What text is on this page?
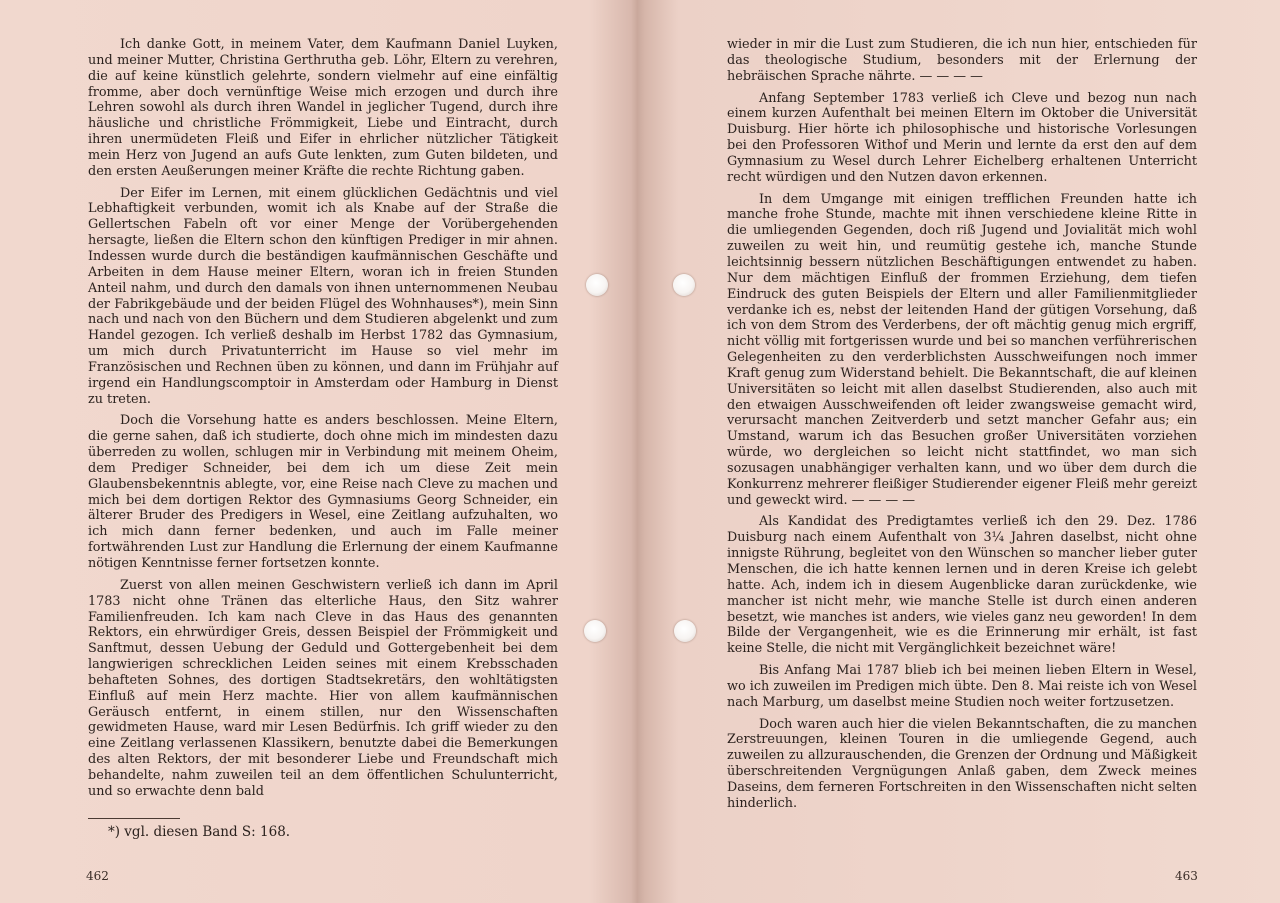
Ich danke Gott, in meinem Vater, dem Kaufmann Daniel Luyken, und meiner Mutter, Christina Gerthrutha geb. Löhr, Eltern zu verehren, die auf keine künstlich gelehrte, sondern vielmehr auf eine einfältig fromme, aber doch vernünftige Weise mich erzogen und durch ihre Lehren sowohl als durch ihren Wandel in jeglicher Tugend, durch ihre häusliche und christliche Frömmigkeit, Liebe und Eintracht, durch ihren unermüdeten Fleiß und Eifer in ehrlicher nützlicher Tätigkeit mein Herz von Jugend an aufs Gute lenkten, zum Guten bildeten, und den ersten Aeußerungen meiner Kräfte die rechte Richtung gaben.

Der Eifer im Lernen, mit einem glücklichen Gedächtnis und viel Lebhaftigkeit verbunden, womit ich als Knabe auf der Straße die Gellertschen Fabeln oft vor einer Menge der Vorübergehenden hersagte, ließen die Eltern schon den künftigen Prediger in mir ahnen. Indessen wurde durch die beständigen kaufmännischen Geschäfte und Arbeiten in dem Hause meiner Eltern, woran ich in freien Stunden Anteil nahm, und durch den damals von ihnen unternommenen Neubau der Fabrikgebäude und der beiden Flügel des Wohnhauses*), mein Sinn nach und nach von den Büchern und dem Studieren abgelenkt und zum Handel gezogen. Ich verließ deshalb im Herbst 1782 das Gymnasium, um mich durch Privatunterricht im Hause so viel mehr im Französischen und Rechnen üben zu können, und dann im Frühjahr auf irgend ein Handlungscomptoir in Amsterdam oder Hamburg in Dienst zu treten.

Doch die Vorsehung hatte es anders beschlossen. Meine Eltern, die gerne sahen, daß ich studierte, doch ohne mich im mindesten dazu überreden zu wollen, schlugen mir in Verbindung mit meinem Oheim, dem Prediger Schneider, bei dem ich um diese Zeit mein Glaubensbekenntnis ablegte, vor, eine Reise nach Cleve zu machen und mich bei dem dortigen Rektor des Gymnasiums Georg Schneider, ein älterer Bruder des Predigers in Wesel, eine Zeitlang aufzuhalten, wo ich mich dann ferner bedenken, und auch im Falle meiner fortwährenden Lust zur Handlung die Erlernung der einem Kaufmanne nötigen Kenntnisse ferner fortsetzen konnte.

Zuerst von allen meinen Geschwistern verließ ich dann im April 1783 nicht ohne Tränen das elterliche Haus, den Sitz wahrer Familienfreuden. Ich kam nach Cleve in das Haus des genannten Rektors, ein ehrwürdiger Greis, dessen Beispiel der Frömmigkeit und Sanftmut, dessen Uebung der Geduld und Gottergebenheit bei dem langwierigen schrecklichen Leiden seines mit einem Krebsschaden behafteten Sohnes, des dortigen Stadtsekretärs, den wohltätigsten Einfluß auf mein Herz machte. Hier von allem kaufmännischen Geräusch entfernt, in einem stillen, nur den Wissenschaften gewidmeten Hause, ward mir Lesen Bedürfnis. Ich griff wieder zu den eine Zeitlang verlassenen Klassikern, benutzte dabei die Bemerkungen des alten Rektors, der mit besonderer Liebe und Freundschaft mich behandelte, nahm zuweilen teil an dem öffentlichen Schulunterricht, und so erwachte denn bald

*) vgl. diesen Band S: 168.
462

wieder in mir die Lust zum Studieren, die ich nun hier, entschieden für das theologische Studium, besonders mit der Erlernung der hebräischen Sprache nährte. — — — —

Anfang September 1783 verließ ich Cleve und bezog nun nach einem kurzen Aufenthalt bei meinen Eltern im Oktober die Universität Duisburg. Hier hörte ich philosophische und historische Vorlesungen bei den Professoren Withof und Merin und lernte da erst den auf dem Gymnasium zu Wesel durch Lehrer Eichelberg erhaltenen Unterricht recht würdigen und den Nutzen davon erkennen.

In dem Umgange mit einigen trefflichen Freunden hatte ich manche frohe Stunde, machte mit ihnen verschiedene kleine Ritte in die umliegenden Gegenden, doch riß Jugend und Jovialität mich wohl zuweilen zu weit hin, und reumütig gestehe ich, manche Stunde leichtsinnig bessern nützlichen Beschäftigungen entwendet zu haben. Nur dem mächtigen Einfluß der frommen Erziehung, dem tiefen Eindruck des guten Beispiels der Eltern und aller Familienmitglieder verdanke ich es, nebst der leitenden Hand der gütigen Vorsehung, daß ich von dem Strom des Verderbens, der oft mächtig genug mich ergriff, nicht völlig mit fortgerissen wurde und bei so manchen verführerischen Gelegenheiten zu den verderblichsten Ausschweifungen noch immer Kraft genug zum Widerstand behielt. Die Bekanntschaft, die auf kleinen Universitäten so leicht mit allen daselbst Studierenden, also auch mit den etwaigen Ausschweifenden oft leider zwangsweise gemacht wird, verursacht manchen Zeitverderb und setzt mancher Gefahr aus; ein Umstand, warum ich das Besuchen großer Universitäten vorziehen würde, wo dergleichen so leicht nicht stattfindet, wo man sich sozusagen unabhängiger verhalten kann, und wo über dem durch die Konkurrenz mehrerer fleißiger Studierender eigener Fleiß mehr gereizt und geweckt wird. — — — —

Als Kandidat des Predigtamtes verließ ich den 29. Dez. 1786 Duisburg nach einem Aufenthalt von 3¼ Jahren daselbst, nicht ohne innigste Rührung, begleitet von den Wünschen so mancher lieber guter Menschen, die ich hatte kennen lernen und in deren Kreise ich gelebt hatte. Ach, indem ich in diesem Augenblicke daran zurückdenke, wie mancher ist nicht mehr, wie manche Stelle ist durch einen anderen besetzt, wie manches ist anders, wie vieles ganz neu geworden! In dem Bilde der Vergangenheit, wie es die Erinnerung mir erhält, ist fast keine Stelle, die nicht mit Vergänglichkeit bezeichnet wäre!

Bis Anfang Mai 1787 blieb ich bei meinen lieben Eltern in Wesel, wo ich zuweilen im Predigen mich übte. Den 8. Mai reiste ich von Wesel nach Marburg, um daselbst meine Studien noch weiter fortzusetzen.

Doch waren auch hier die vielen Bekanntschaften, die zu manchen Zerstreuungen, kleinen Touren in die umliegende Gegend, auch zuweilen zu allzurauschenden, die Grenzen der Ordnung und Mäßigkeit überschreitenden Vergnügungen Anlaß gaben, dem Zweck meines Daseins, dem ferneren Fortschreiten in den Wissenschaften nicht selten hinderlich.

463
